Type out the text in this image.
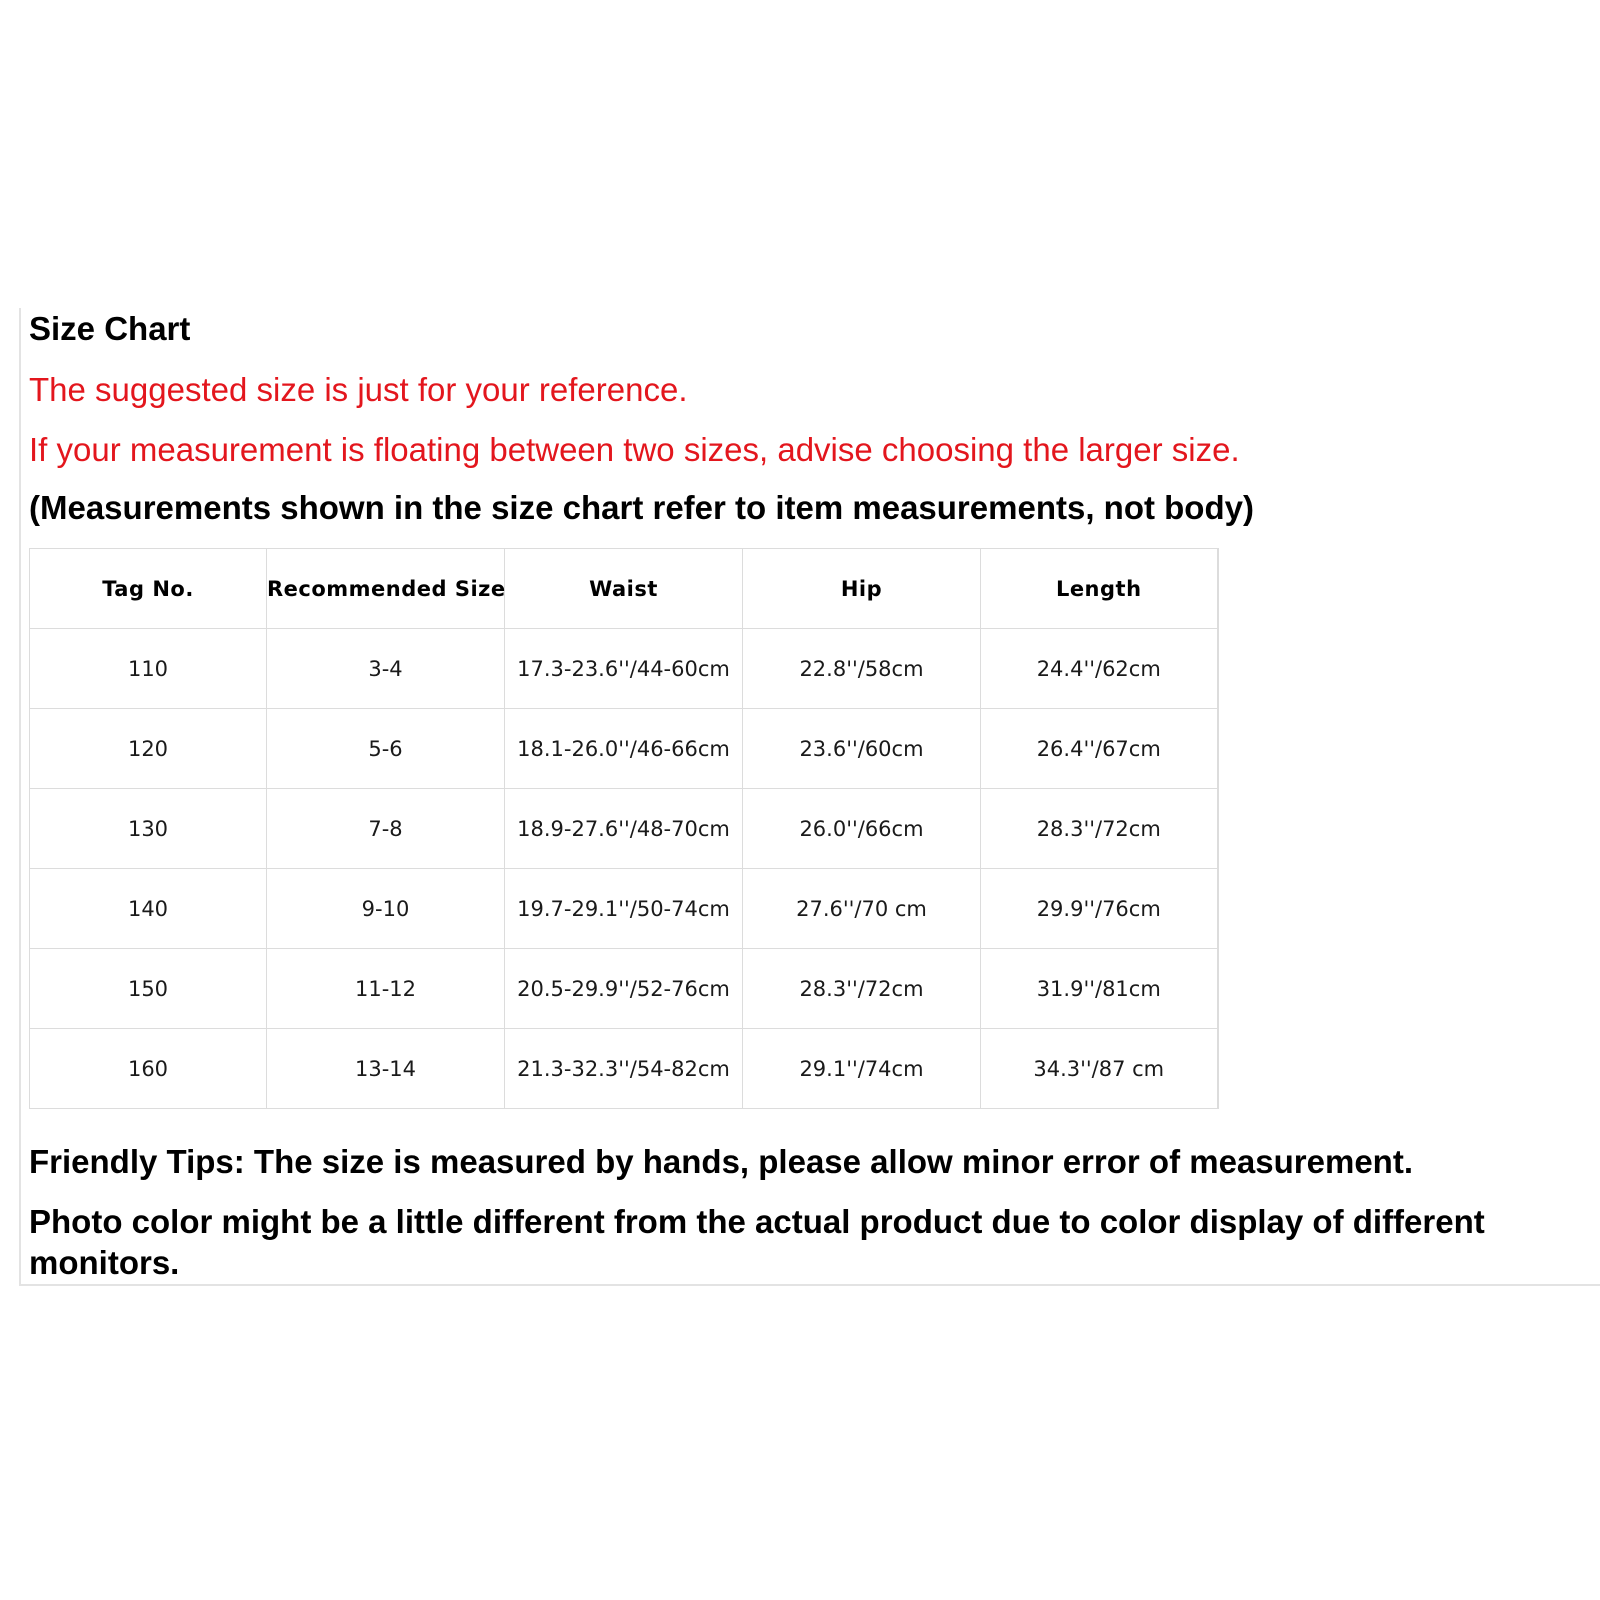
Size Chart

The suggested size is just for your reference.

If your measurement is floating between two sizes, advise choosing the larger size.

(Measurements shown in the size chart refer to item measurements, not body)

Tag No.	Recommended Size	Waist	Hip	Length
110	3-4	17.3-23.6''/44-60cm	22.8''/58cm	24.4''/62cm
120	5-6	18.1-26.0''/46-66cm	23.6''/60cm	26.4''/67cm
130	7-8	18.9-27.6''/48-70cm	26.0''/66cm	28.3''/72cm
140	9-10	19.7-29.1''/50-74cm	27.6''/70 cm	29.9''/76cm
150	11-12	20.5-29.9''/52-76cm	28.3''/72cm	31.9''/81cm
160	13-14	21.3-32.3''/54-82cm	29.1''/74cm	34.3''/87 cm

Friendly Tips: The size is measured by hands, please allow minor error of measurement.

Photo color might be a little different from the actual product due to color display of different monitors.
